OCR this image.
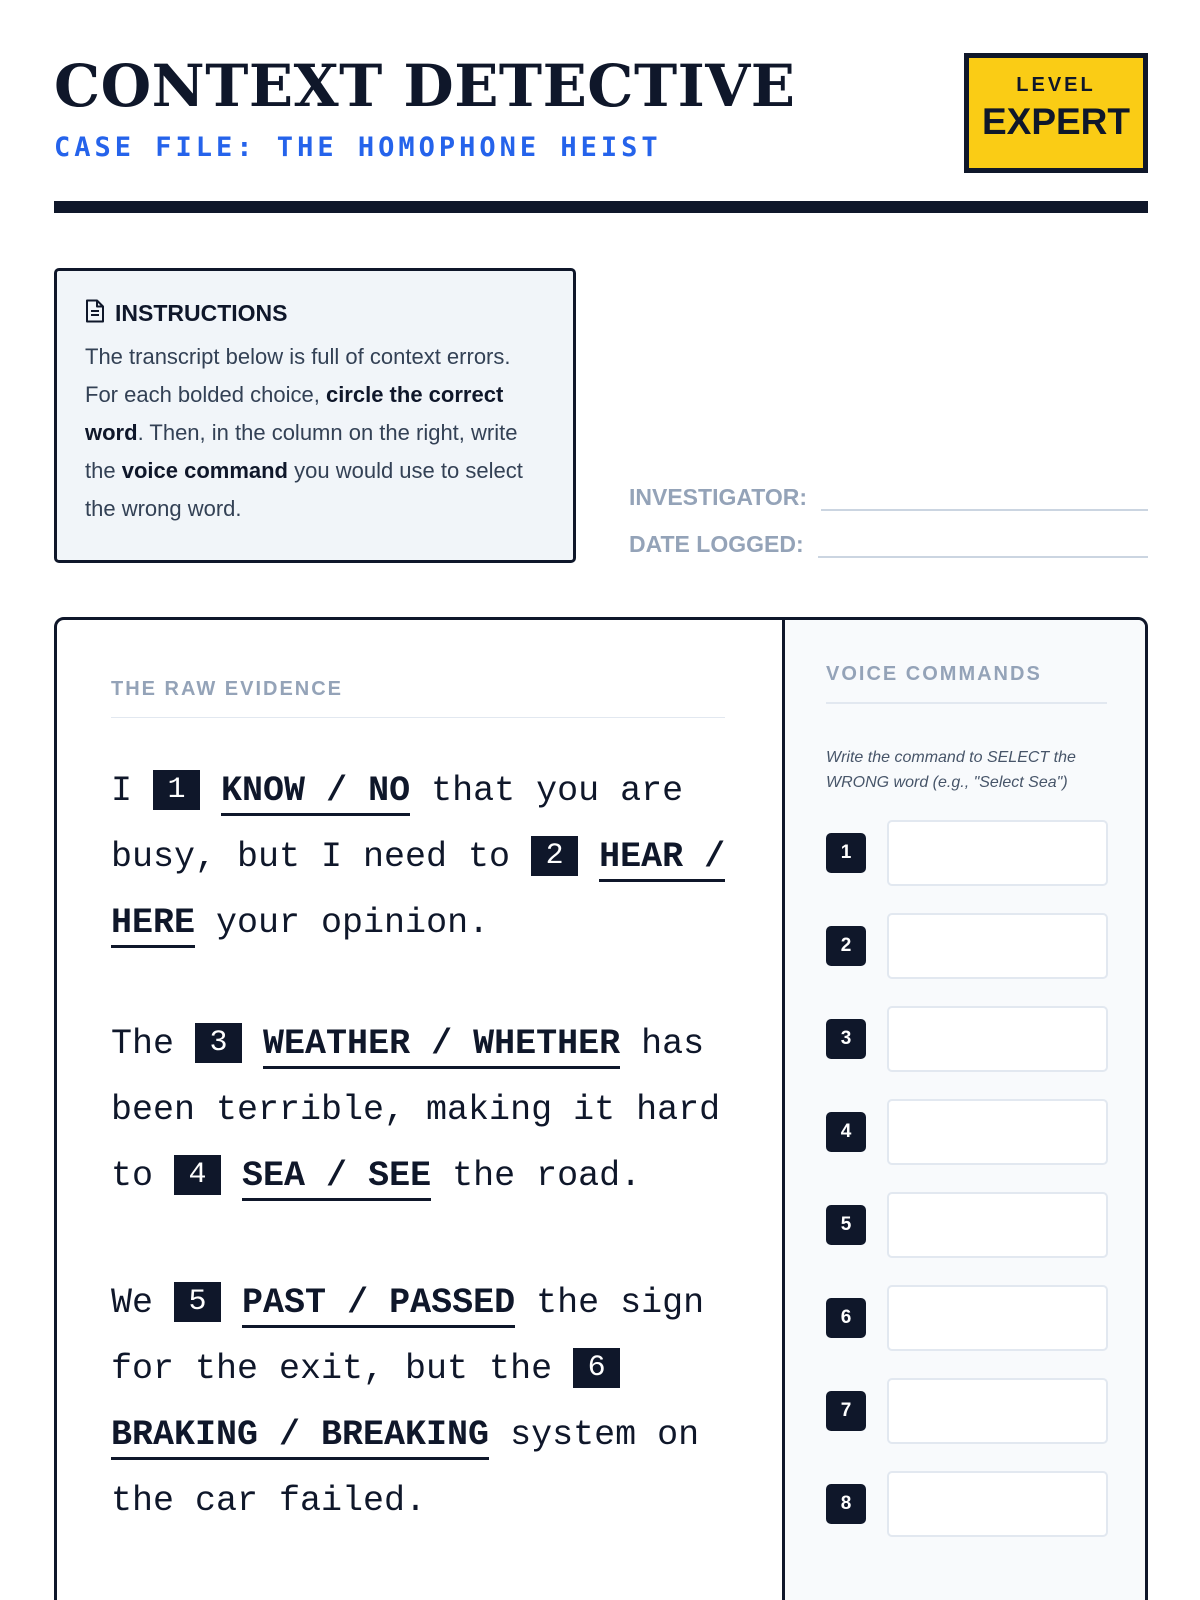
CONTEXT DETECTIVE
CASE FILE: THE HOMOPHONE HEIST
LEVEL
EXPERT
INSTRUCTIONS

The transcript below is full of context errors. For each bolded choice, circle the correct word. Then, in the column on the right, write the voice command you would use to select the wrong word.	INVESTIGATOR:
DATE LOGGED:
THE RAW EVIDENCE

I 1 KNOW / NO that you are busy, but I need to 2 HEAR / HERE your opinion.

The 3 WEATHER / WHETHER has been terrible, making it hard to 4 SEA / SEE the road.

We 5 PAST / PASSED the sign for the exit, but the 6 BRAKING / BREAKING system on the car failed.

VOICE COMMANDS
Write the command to SELECT the WRONG word (e.g., "Select Sea")
1
2
3
4
5
6
7
8
